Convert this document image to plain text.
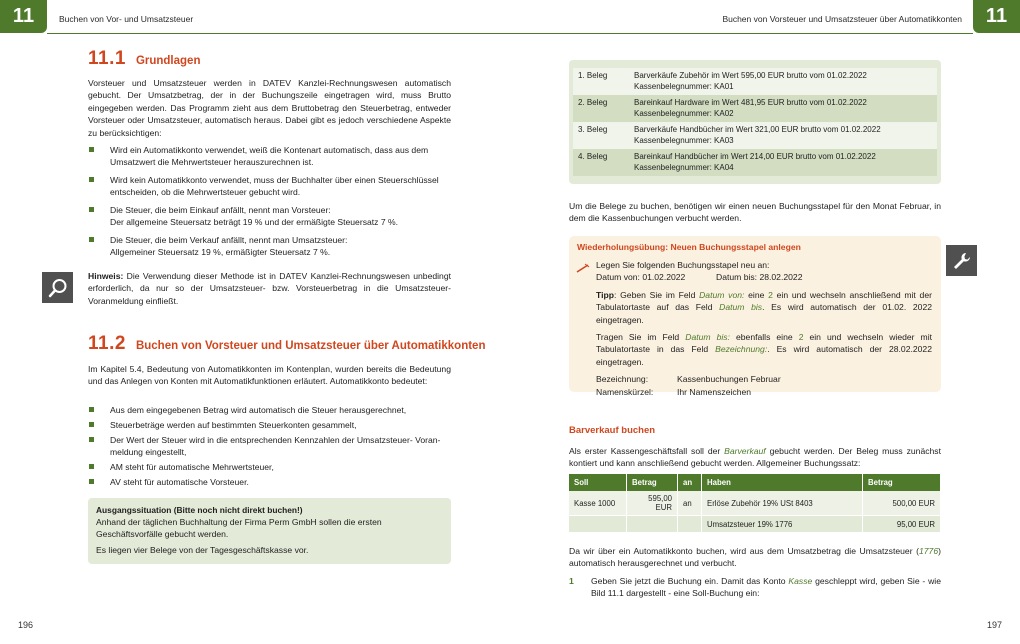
11	Buchen von Vor- und Umsatzsteuer
11.1 Grundlagen

Vorsteuer und Umsatzsteuer werden in DATEV Kanzlei-Rechnungswesen automatisch gebucht. Der Umsatzbetrag, der in der Buchungszeile eingetragen wird, muss Brutto eingegeben werden. Das Programm zieht aus dem Bruttobetrag den Steuerbetrag, entweder Vorsteuer oder Umsatzsteuer, automatisch heraus. Dabei gibt es jedoch verschiedene Aspekte zu berücksichtigen:

Wird ein Automatikkonto verwendet, weiß die Kontenart automatisch, dass aus dem
Umsatzwert die Mehrwertsteuer herauszurechnen ist.
Wird kein Automatikkonto verwendet, muss der Buchhalter über einen Steuerschlüssel
entscheiden, ob die Mehrwertsteuer gebucht wird.
Die Steuer, die beim Einkauf anfällt, nennt man Vorsteuer:
Der allgemeine Steuersatz beträgt 19 % und der ermäßigte Steuersatz 7 %.
Die Steuer, die beim Verkauf anfällt, nennt man Umsatzsteuer:
Allgemeiner Steuersatz 19 %, ermäßigter Steuersatz 7 %.

Hinweis: Die Verwendung dieser Methode ist in DATEV Kanzlei-Rechnungswesen unbedingt erforderlich, da nur so der Umsatzsteuer- bzw. Vorsteuerbetrag in die Umsatzsteuer-Voranmeldung einfließt.

11.2 Buchen von Vorsteuer und Umsatzsteuer über Automatikkonten

Im Kapitel 5.4, Bedeutung von Automatikkonten im Kontenplan, wurden bereits die Bedeutung und das Anlegen von Konten mit Automatikfunktionen erläutert. Automatikkonto bedeutet:

Aus dem eingegebenen Betrag wird automatisch die Steuer herausgerechnet,
Steuerbeträge werden auf bestimmten Steuerkonten gesammelt,
Der Wert der Steuer wird in die entsprechenden Kennzahlen der Umsatzsteuer- Voran-
meldung eingestellt,
AM steht für automatische Mehrwertsteuer,
AV steht für automatische Vorsteuer.
Ausgangssituation (Bitte noch nicht direkt buchen!)

Anhand der täglichen Buchhaltung der Firma Perm GmbH sollen die ersten Geschäftsvorfälle gebucht werden.

Es liegen vier Belege von der Tagesgeschäftskasse vor.

196
11
Buchen von Vorsteuer und Umsatzsteuer über Automatikkonten
1. Beleg	Barverkäufe Zubehör im Wert 595,00 EUR brutto vom 01.02.2022
Kassenbelegnummer: KA01
2. Beleg	Bareinkauf Hardware im Wert 481,95 EUR brutto vom 01.02.2022
Kassenbelegnummer: KA02
3. Beleg	Barverkäufe Handbücher im Wert 321,00 EUR brutto vom 01.02.2022
Kassenbelegnummer: KA03
4. Beleg	Bareinkauf Handbücher im Wert 214,00 EUR brutto vom 01.02.2022
Kassenbelegnummer: KA04

Um die Belege zu buchen, benötigen wir einen neuen Buchungsstapel für den Monat Februar, in dem die Kassenbuchungen verbucht werden.

Wiederholungsübung: Neuen Buchungsstapel anlegen
Legen Sie folgenden Buchungsstapel neu an:
Datum von: 01.02.2022	Datum bis: 28.02.2022

Tipp: Geben Sie im Feld Datum von: eine 2 ein und wechseln anschließend mit der Tabulatortaste auf das Feld Datum bis. Es wird automatisch der 01.02. 2022 eingetragen.

Tragen Sie im Feld Datum bis: ebenfalls eine 2 ein und wechseln wieder mit Tabulatortaste in das Feld Bezeichnung:. Es wird automatisch der 28.02.2022 eingetragen.

Bezeichnung:	Kassenbuchungen Februar
Namenskürzel:	Ihr Namenszeichen
Barverkauf buchen

Als erster Kassengeschäftsfall soll der Barverkauf gebucht werden. Der Beleg muss zunächst kontiert und kann anschließend gebucht werden. Allgemeiner Buchungssatz:

Soll	Betrag	an	Haben	Betrag
Kasse 1000	595,00 EUR	an	Erlöse Zubehör 19% USt 8403	500,00 EUR
			Umsatzsteuer 19% 1776	95,00 EUR

Da wir über ein Automatikkonto buchen, wird aus dem Umsatzbetrag die Umsatzsteuer (1776) automatisch herausgerechnet und verbucht.

1 Geben Sie jetzt die Buchung ein. Damit das Konto Kasse geschleppt wird, geben Sie - wie Bild 11.1 dargestellt - eine Soll-Buchung ein:

197
